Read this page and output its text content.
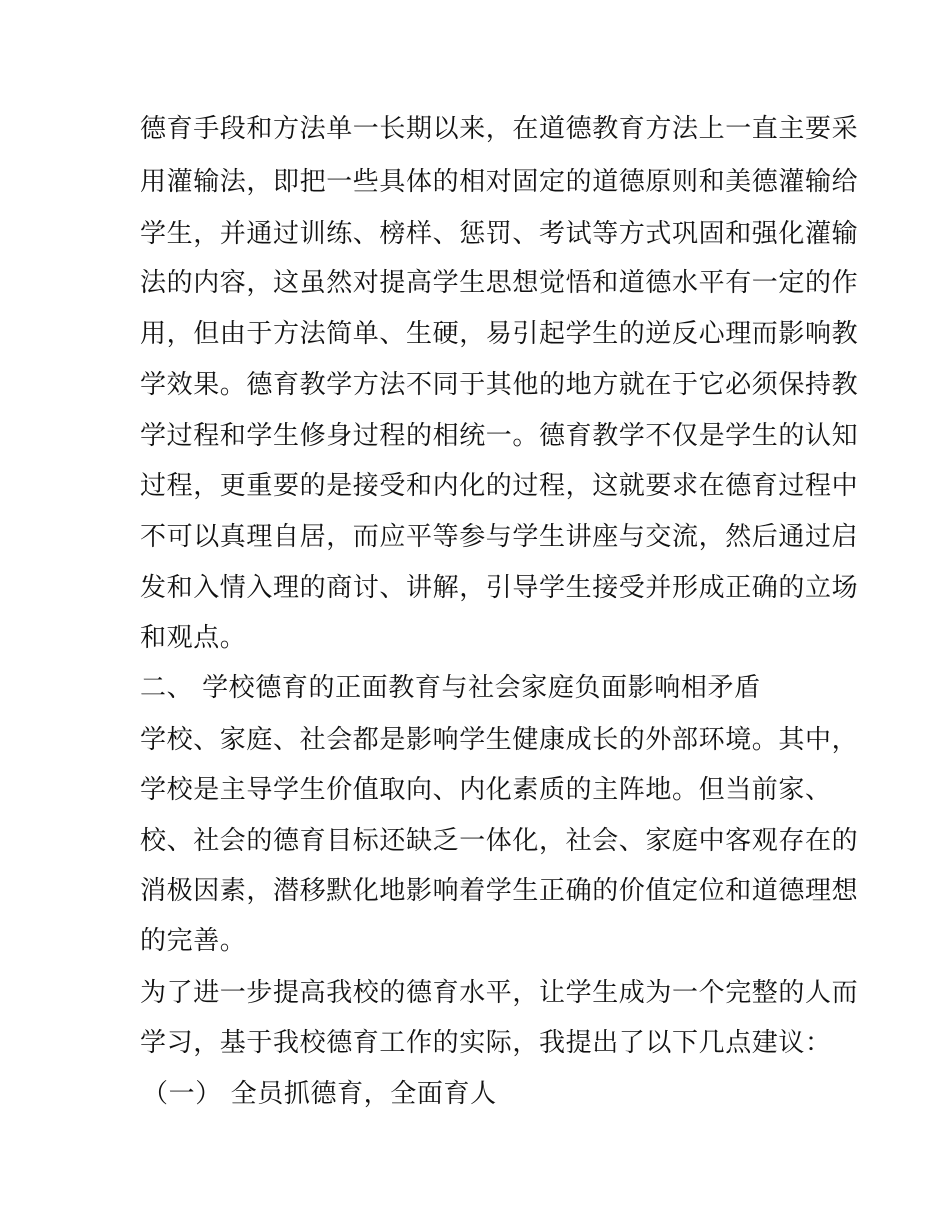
德育手段和方法单一长期以来，在道德教育方法上一直主要采
用灌输法，即把一些具体的相对固定的道德原则和美德灌输给
学生，并通过训练、榜样、惩罚、考试等方式巩固和强化灌输
法的内容，这虽然对提高学生思想觉悟和道德水平有一定的作
用，但由于方法简单、生硬，易引起学生的逆反心理而影响教
学效果。德育教学方法不同于其他的地方就在于它必须保持教
学过程和学生修身过程的相统一。德育教学不仅是学生的认知
过程，更重要的是接受和内化的过程，这就要求在德育过程中
不可以真理自居，而应平等参与学生讲座与交流，然后通过启
发和入情入理的商讨、讲解，引导学生接受并形成正确的立场
和观点。
二、 学校德育的正面教育与社会家庭负面影响相矛盾
学校、家庭、社会都是影响学生健康成长的外部环境。其中，
学校是主导学生价值取向、内化素质的主阵地。但当前家、
校、社会的德育目标还缺乏一体化，社会、家庭中客观存在的
消极因素，潜移默化地影响着学生正确的价值定位和道德理想
的完善。
为了进一步提高我校的德育水平，让学生成为一个完整的人而
学习，基于我校德育工作的实际，我提出了以下几点建议：
（一） 全员抓德育，全面育人
